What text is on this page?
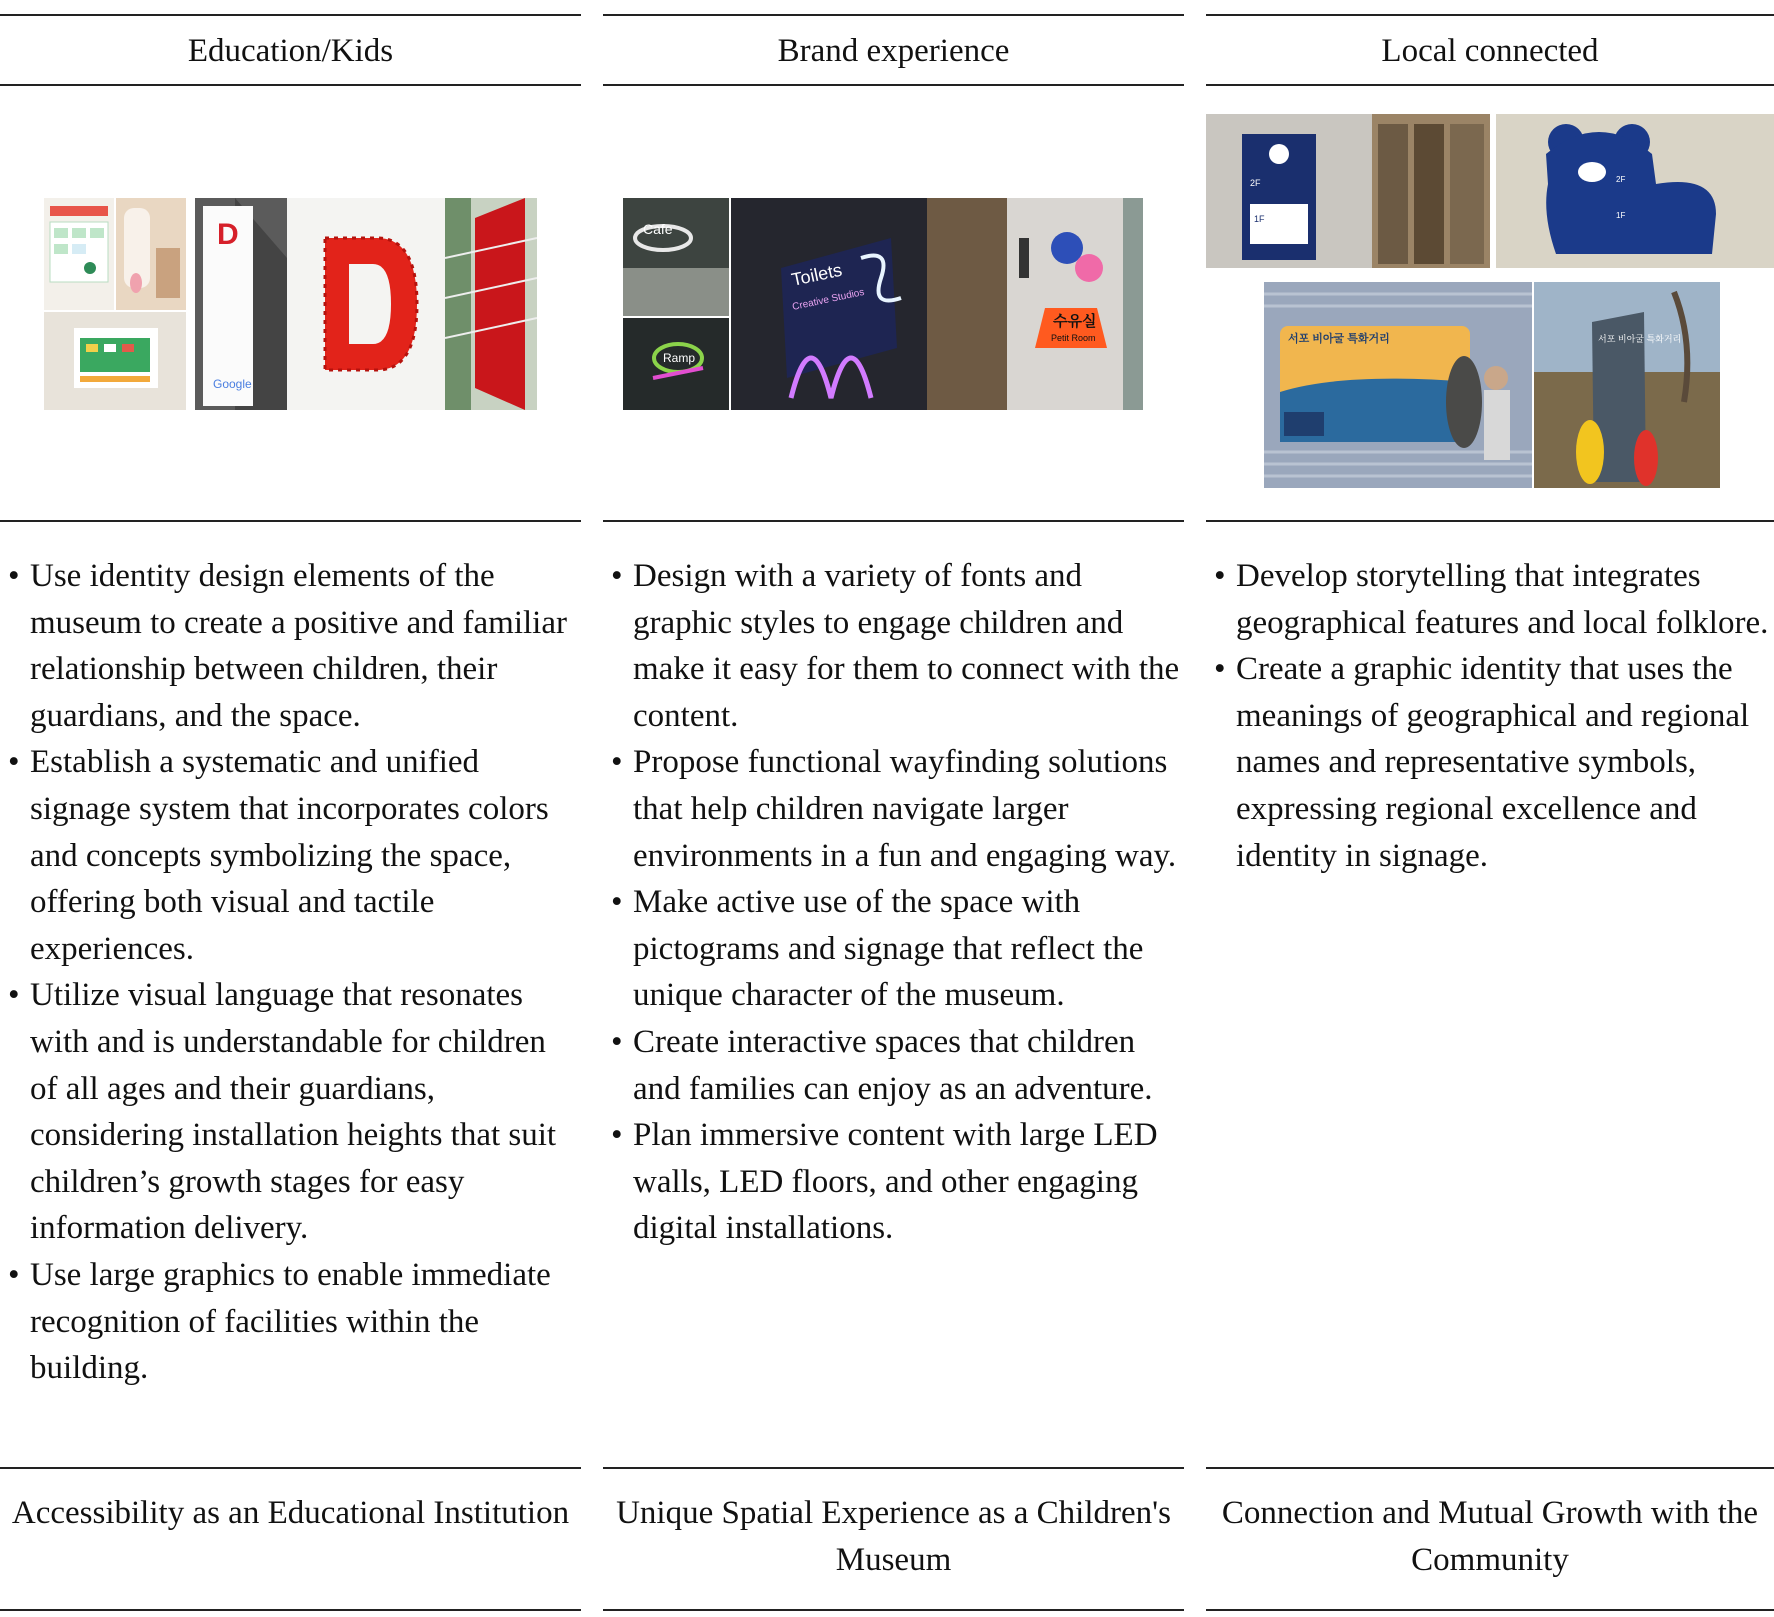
Education/Kids
D
Google
• Use identity design elements of the museum to create a positive and familiar relationship between children, their guardians, and the space.
• Establish a systematic and unified signage system that incorporates colors and concepts symbolizing the space, offering both visual and tactile experiences.
• Utilize visual language that resonates with and is understandable for children of all ages and their guardians, considering installation heights that suit children’s growth stages for easy information delivery.
• Use large graphics to enable immediate recognition of facilities within the building.
Accessibility as an Educational Institution
Brand experience
Cafe
Ramp
Toilets
Creative Studios
수유실
Petit Room
• Design with a variety of fonts and graphic styles to engage children and make it easy for them to connect with the content.
• Propose functional wayfinding solutions that help children navigate larger environments in a fun and engaging way.
• Make active use of the space with pictograms and signage that reflect the unique character of the museum.
• Create interactive spaces that children and families can enjoy as an adventure.
• Plan immersive content with large LED walls, LED floors, and other engaging digital installations.
Unique Spatial Experience as a Children's Museum
Local connected
2F
1F
2F
1F
서포 비아굴 특화거리	서포 비아굴 특화거리
• Develop storytelling that integrates geographical features and local folklore.
• Create a graphic identity that uses the meanings of geographical and regional names and representative symbols, expressing regional excellence and identity in signage.
Connection and Mutual Growth with the Community
